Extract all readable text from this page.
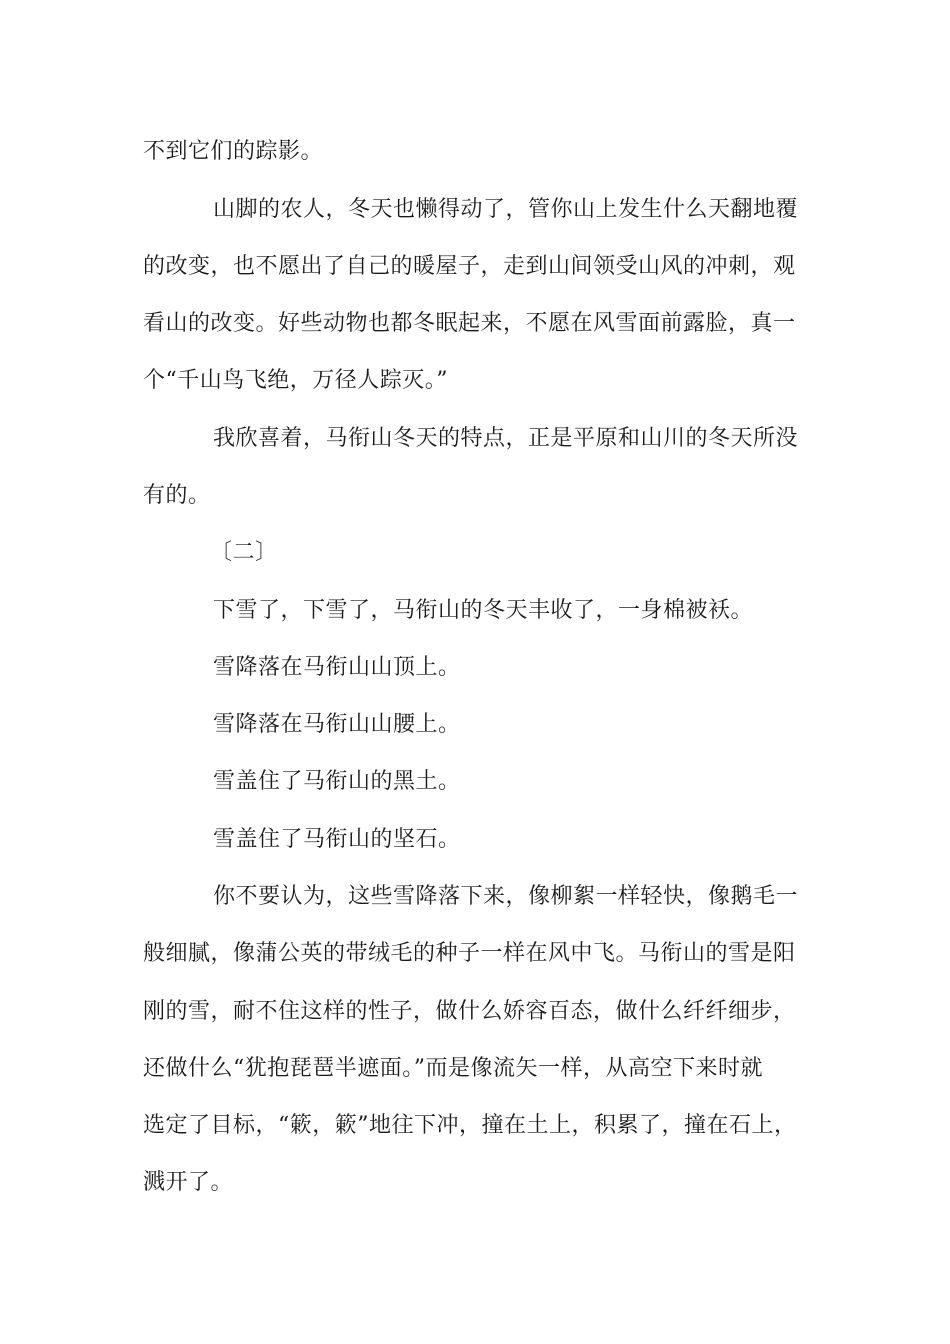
不到它们的踪影。

山脚的农人，冬天也懒得动了，管你山上发生什么天翻地覆

的改变，也不愿出了自己的暖屋子，走到山间领受山风的冲刺，观

看山的改变。好些动物也都冬眠起来，不愿在风雪面前露脸，真一

个“千山鸟飞绝，万径人踪灭。”

我欣喜着，马衔山冬天的特点，正是平原和山川的冬天所没

有的。

〔二〕

下雪了，下雪了，马衔山的冬天丰收了，一身棉被袄。

雪降落在马衔山山顶上。

雪降落在马衔山山腰上。

雪盖住了马衔山的黑土。

雪盖住了马衔山的坚石。

你不要认为，这些雪降落下来，像柳絮一样轻快，像鹅毛一

般细腻，像蒲公英的带绒毛的种子一样在风中飞。马衔山的雪是阳

刚的雪，耐不住这样的性子，做什么娇容百态，做什么纤纤细步，

还做什么“犹抱琵琶半遮面。”而是像流矢一样，从高空下来时就

选定了目标，“簌，簌”地往下冲，撞在土上，积累了，撞在石上，

溅开了。
